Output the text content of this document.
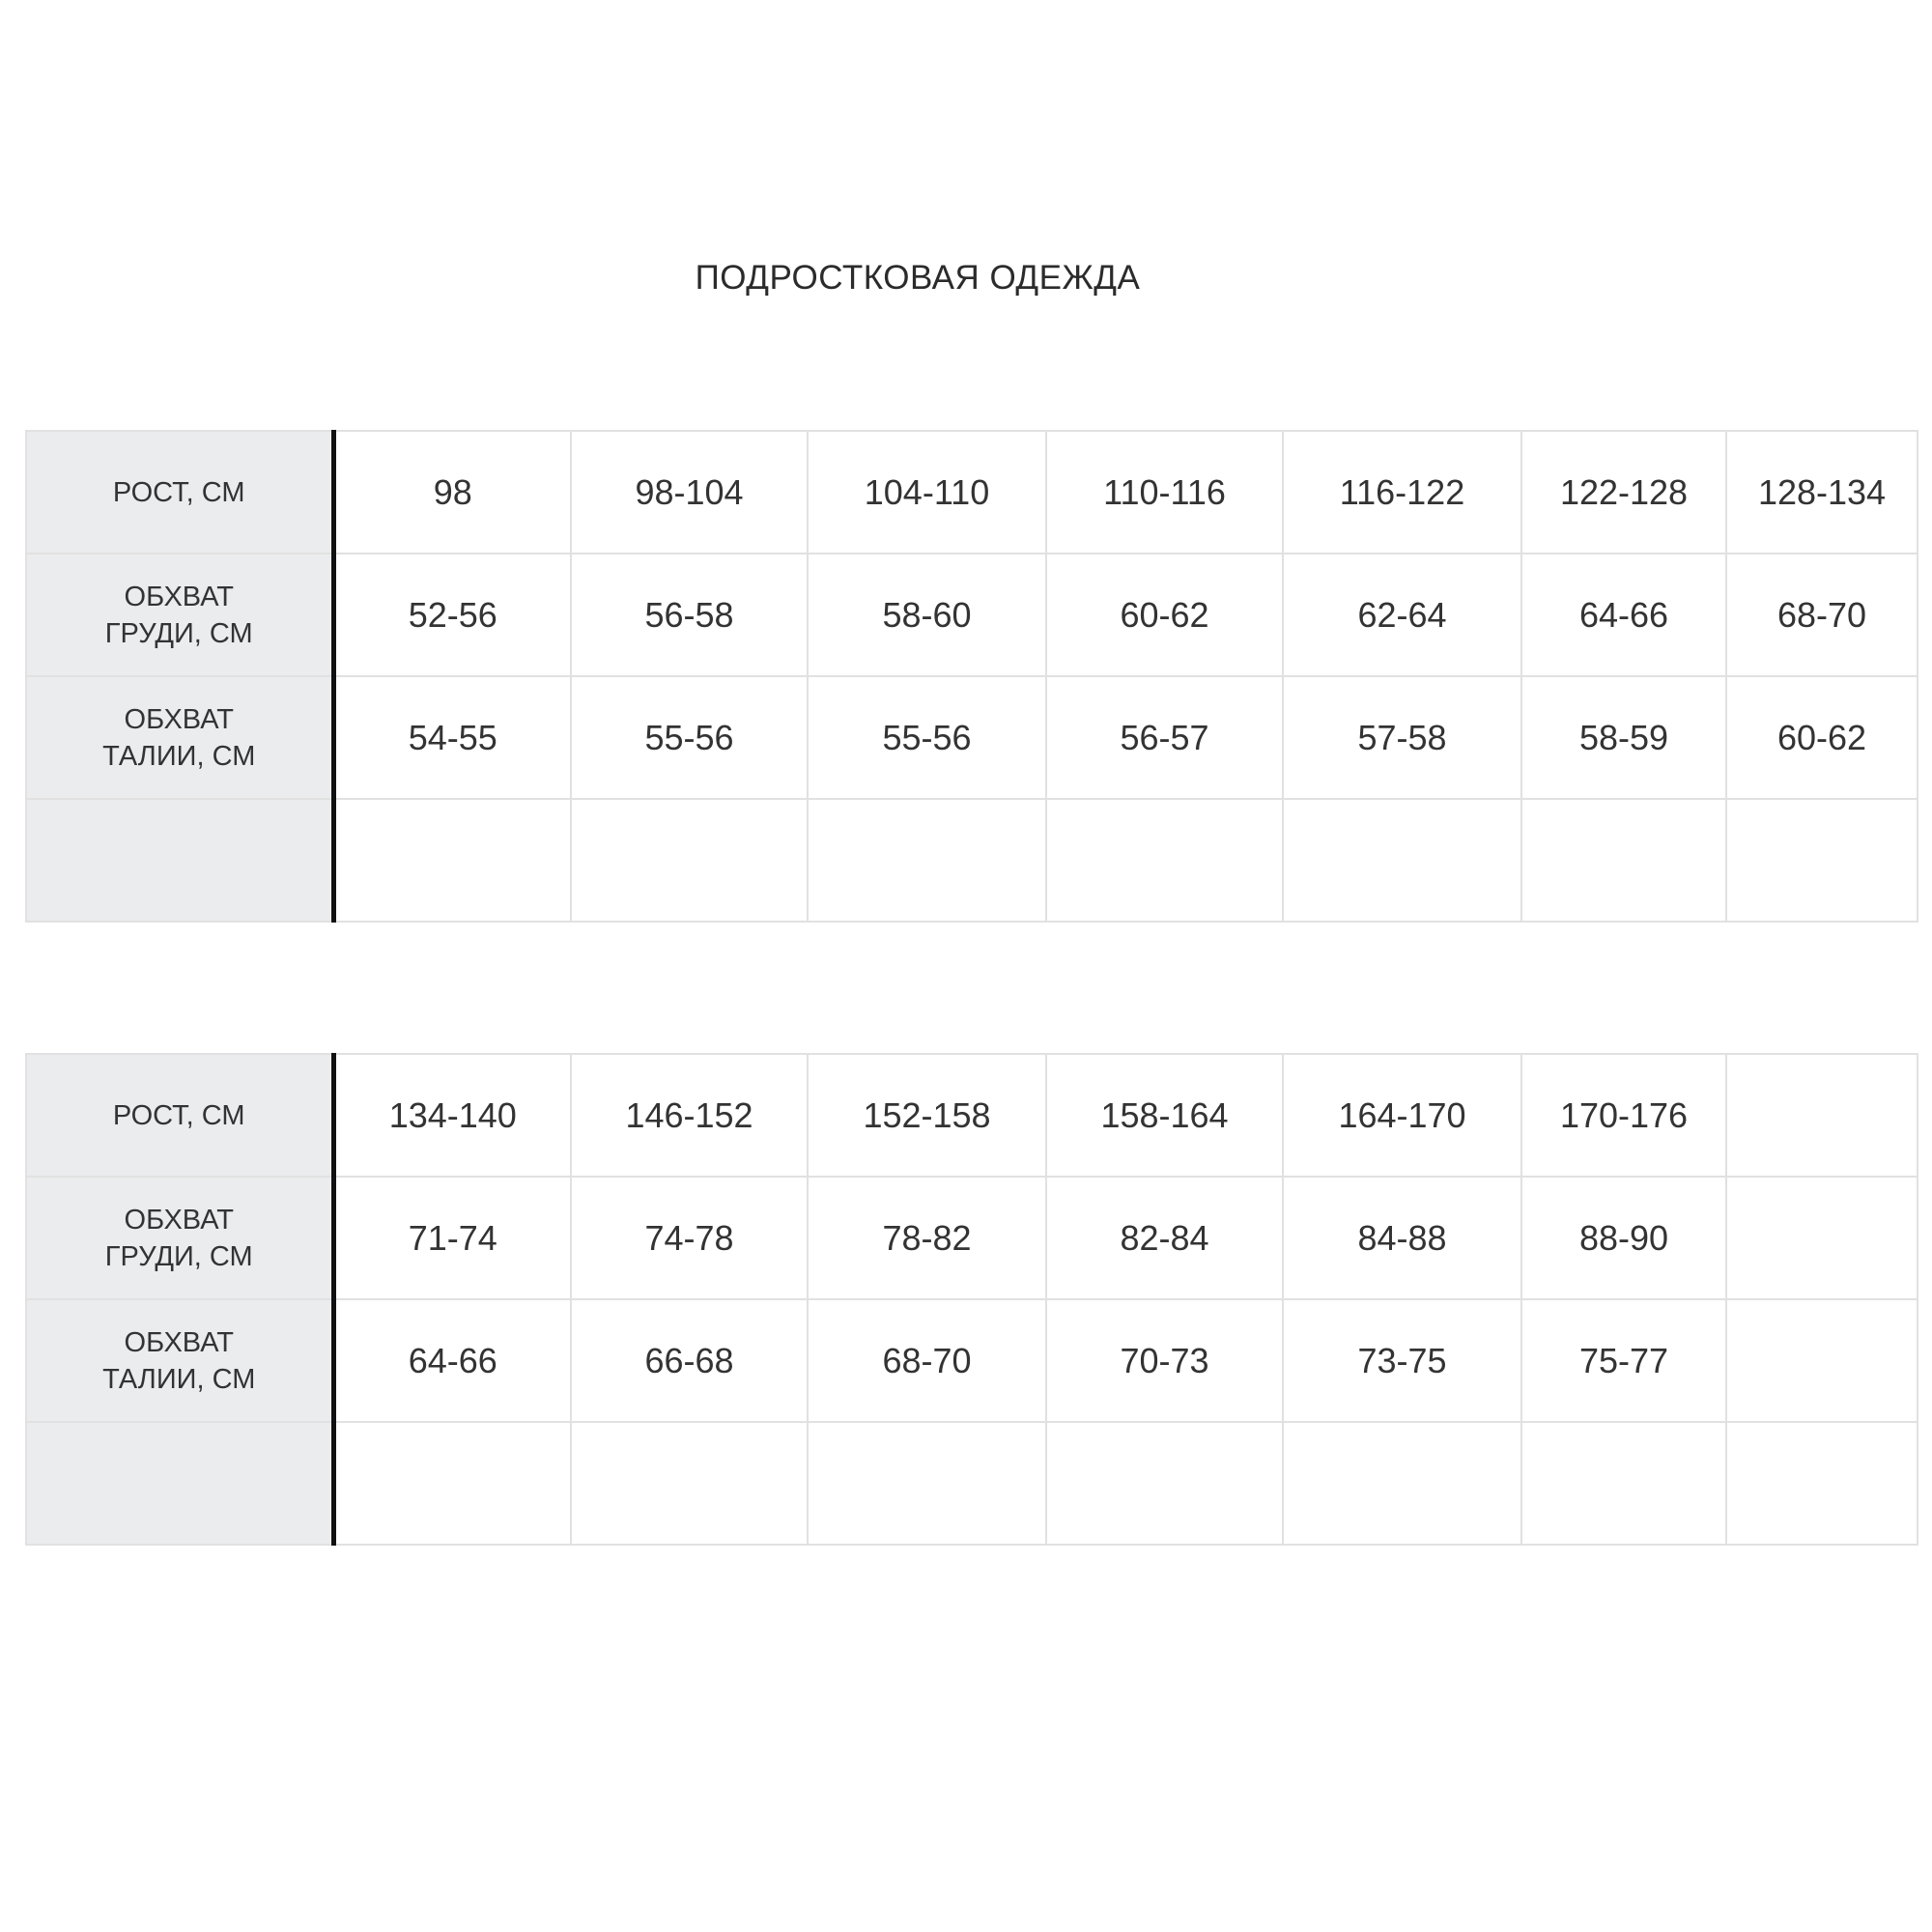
ПОДРОСТКОВАЯ ОДЕЖДА
РОСТ, СМ	98	98-104	104-110	110-116	116-122	122-128	128-134

ОБХВАТ
ГРУДИ, СМ	52-56	56-58	58-60	60-62	62-64	64-66	68-70

ОБХВАТ
ТАЛИИ, СМ	54-55	55-56	55-56	56-57	57-58	58-59	60-62

РОСТ, СМ	134-140	146-152	152-158	158-164	164-170	170-176	

ОБХВАТ
ГРУДИ, СМ	71-74	74-78	78-82	82-84	84-88	88-90	

ОБХВАТ
ТАЛИИ, СМ	64-66	66-68	68-70	70-73	73-75	75-77	
